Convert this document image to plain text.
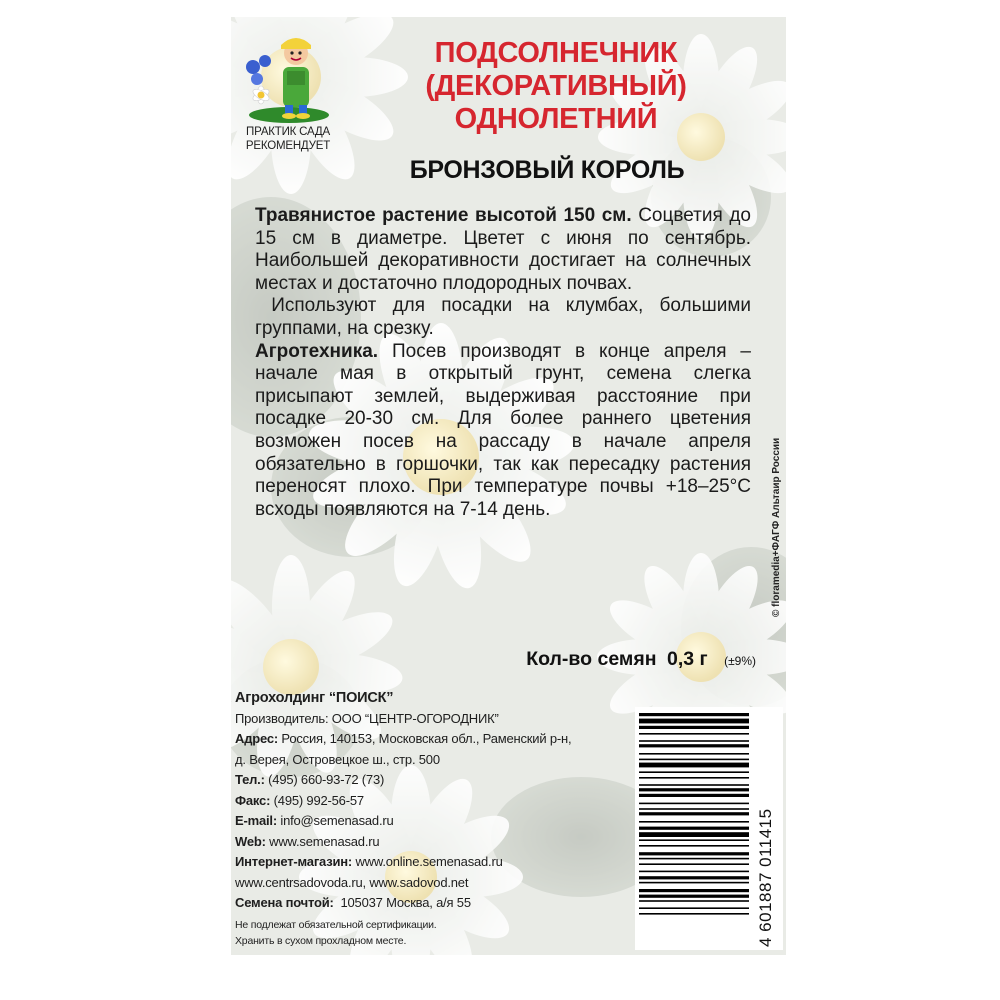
ПРАКТИК САДА
РЕКОМЕНДУЕТ
ПОДСОЛНЕЧНИК
(ДЕКОРАТИВНЫЙ)
ОДНОЛЕТНИЙ
БРОНЗОВЫЙ КОРОЛЬ

Травянистое растение высотой 150 см. Соцветия до 15 см в диаметре. Цветет с июня по сентябрь. Наибольшей декоративности достигает на солнечных местах и достаточно плодородных почвах.

Используют для посадки на клумбах, большими группами, на срезку.

Агротехника. Посев производят в конце апреля – начале мая в открытый грунт, семена слегка присыпают землей, выдерживая расстояние при посадке 20-30 см. Для более раннего цветения возможен посев на рассаду в начале апреля обязательно в горшочки, так как пересадку растения переносят плохо. При температуре почвы +18–25°С всходы появляются на 7-14 день.

Кол-во семян 0,3 г (±9%)
Агрохолдинг “ПОИСК”
Производитель: ООО “ЦЕНТР-ОГОРОДНИК”
Адрес: Россия, 140153, Московская обл., Раменский р-н,
д. Верея, Островецкое ш., стр. 500
Тел.: (495) 660-93-72 (73)
Факс: (495) 992-56-57
E-mail: info@semenasad.ru
Web: www.semenasad.ru
Интернет-магазин: www.online.semenasad.ru
www.centrsadovoda.ru, www.sadovod.net
Семена почтой: 105037 Москва, а/я 55
Не подлежат обязательной сертификации.
Хранить в сухом прохладном месте.	4 601887 011415
© floramedia+ФАГФ Альтаир России
